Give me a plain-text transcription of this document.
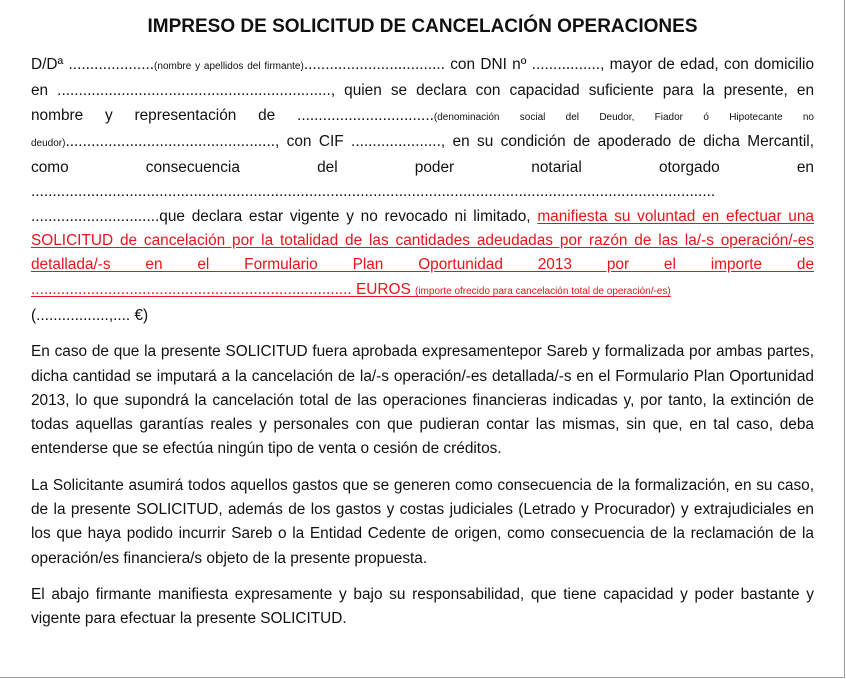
IMPRESO DE SOLICITUD DE CANCELACIÓN OPERACIONES

D/Dª ....................(nombre y apellidos del firmante)................................. con DNI nº ................, mayor de edad, con domicilio en ................................................................, quien se declara con capacidad suficiente para la presente, en nombre y representación de ................................(denominación social del Deudor, Fiador ó Hipotecante no deudor)................................................., con CIF ....................., en su condición de apoderado de dicha Mercantil, como consecuencia del poder notarial otorgado en ................................................................................................................................................................ ..............................que declara estar vigente y no revocado ni limitado, manifiesta su voluntad en efectuar una SOLICITUD de cancelación por la totalidad de las cantidades adeudadas por razón de las la/-s operación/-es detallada/-s en el Formulario Plan Oportunidad 2013 por el importe de ........................................................................... EUROS (importe ofrecido para cancelación total de operación/-es)
(.................,.... €)

En caso de que la presente SOLICITUD fuera aprobada expresamentepor Sareb y formalizada por ambas partes, dicha cantidad se imputará a la cancelación de la/-s operación/-es detallada/-s en el Formulario Plan Oportunidad 2013, lo que supondrá la cancelación total de las operaciones financieras indicadas y, por tanto, la extinción de todas aquellas garantías reales y personales con que pudieran contar las mismas, sin que, en tal caso, deba entenderse que se efectúa ningún tipo de venta o cesión de créditos.

La Solicitante asumirá todos aquellos gastos que se generen como consecuencia de la formalización, en su caso, de la presente SOLICITUD, además de los gastos y costas judiciales (Letrado y Procurador) y extrajudiciales en los que haya podido incurrir Sareb o la Entidad Cedente de origen, como consecuencia de la reclamación de la operación/es financiera/s objeto de la presente propuesta.

El abajo firmante manifiesta expresamente y bajo su responsabilidad, que tiene capacidad y poder bastante y vigente para efectuar la presente SOLICITUD.
